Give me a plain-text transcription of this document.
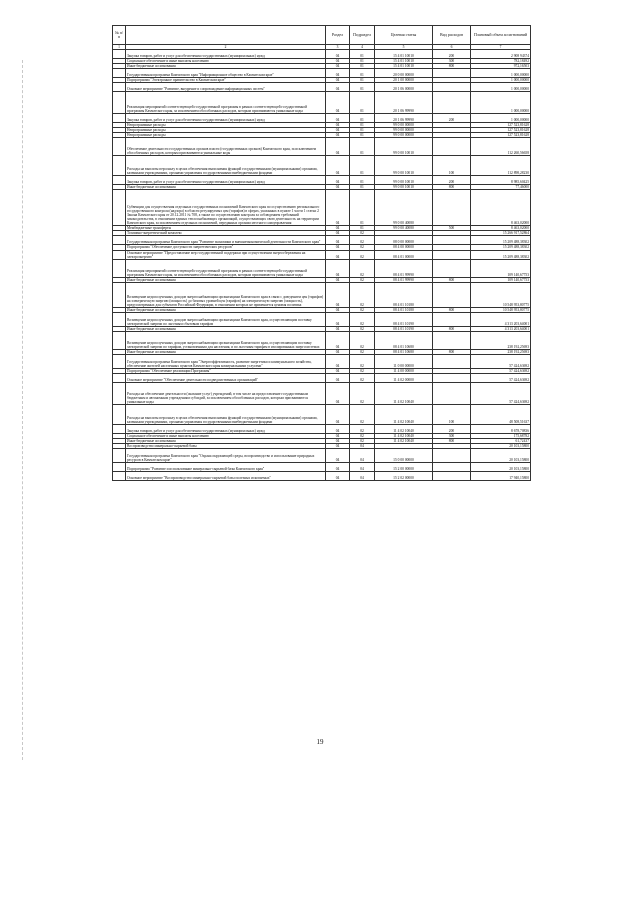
№ п/п		Раздел	Подраздел	Целевая статья	Вид расходов	Плановый объем ассигнований
1	2	3	4	5	6	7
	Закупка товаров, работ и услуг для обеспечения государственных (муниципальных) нужд	04	01	15 4 01 10010	200	2 908 94374
	Социальное обеспечение и иные выплаты населению	04	01	15 4 01 10010	300	782,18492
	Иные бюджетные ассигнования	04	01	15 4 01 10010	800	972,16503
	Государственная программа Камчатского края "Информационное общество в Камчатском крае"	04	01	20 0 00 00000		1 000,00000
	Подпрограмма "Электронное правительство в Камчатском крае"	04	01	20 1 00 00000		1 000,00000
	Основное мероприятие "Развитие, внедрение и сопровождение информационных систем"	04	01	20 1 06 00000		1 000,00000
	Реализация мероприятий соответствующей государственной программы в рамках соответствующей государственной программы Камчатского края, за исключением обособленных расходов, которым присваиваются уникальные коды	04	01	20 1 06 99990		1 000,00000
	Закупка товаров, работ и услуг для обеспечения государственных (муниципальных) нужд	04	01	20 1 06 99990	200	1 000,00000
	Непрограммные расходы	04	01	99 0 00 00000		127 523,81628
	Непрограммные расходы	04	01	99 0 00 00000		127 523,81628
	Непрограммные расходы	04	01	99 0 00 00000		127 523,81628
	Обеспечение деятельности государственных органов власти (государственных органов) Камчатского края, за исключением обособленных расходов, которым присваиваются уникальные коды	04	01	99 0 00 10010		112 260,56658
	Расходы на выплаты персоналу в целях обеспечения выполнения функций государственными (муниципальными) органами, казенными учреждениями, органами управления государственными внебюджетными фондами	04	01	99 0 00 10010	100	112 898,28230
	Закупка товаров, работ и услуг для обеспечения государственных (муниципальных) нужд	04	01	99 0 00 10010	200	8 985,60425
	Иные бюджетные ассигнования	04	01	99 0 00 10010	800	77,46000
	Субвенции для осуществления отдельных государственных полномочий Камчатского края по осуществлению регионального государственного контроля (надзора) в области регулируемых цен (тарифов) в сферах, указанных в пункте 1 части 1 статьи 2 Закона Камчатского края от 20.12.2011 № 708, а также по осуществлению контроля за соблюдением требований законодательства, в отношении единых теплоснабжающих организаций, осуществляющих свою деятельность на территории Камчатского края, за исключением отдельных полномочий, переданных органам местного самоуправления	04	01	99 0 00 40080		8 463,02000
	Межбюджетные трансферты	04	01	99 0 00 40080	500	8 463,02000
	Топливно-энергетический комплекс	04	02			15 266 917,52864
	Государственная программа Камчатского края "Развитие экономики и внешнеэкономической деятельности Камчатского края"	04	02	08 0 00 00000		15 209 488,38302
	Подпрограмма "Обеспечение доступности энергетических ресурсов"	04	02	08 4 00 00000		15 209 488,38302
	Основное мероприятие "Предоставление мер государственной поддержки при осуществлении энергосбережения на электроэнергию"	04	02	08 4 01 00000		15 209 488,38302
	Реализация мероприятий соответствующей государственной программы в рамках соответствующей государственной программы Камчатского края, за исключением обособленных расходов, которым присваиваются уникальные коды	04	02	08 4 01 99990		109 140,67753
	Иные бюджетные ассигнования	04	02	08 4 01 99990	800	109 140,67753
	Возмещение недополученных доходов энергоснабжающим организациям Камчатского края в связи с доведением цен (тарифов) на электрическую энергию (мощность) до базовых уровней цен (тарифов) на электрическую энергию (мощность), предусмотренных для субъектов Российской Федерации, в отношении которых не применяется ценовая политика	04	02	08 4 01 10180		10 548 953,80775
	Иные бюджетные ассигнования	04	02	08 4 01 10180	800	10 548 953,80775
	Возмещение недополученных доходов энергоснабжающим организациям Камчатского края, осуществляющим поставку электрической энергии по льготным сбытовым тарифам	04	02	08 4 01 10190		4 313 203,64001
	Иные бюджетные ассигнования	04	02	08 4 01 10190	800	4 313 203,64001
	Возмещение недополученных доходов энергоснабжающим организациям Камчатского края, осуществляющим поставку электрической энергии по тарифам, установленным для населения, и по льготным тарифам в изолированных энергосистемах	04	02	08 4 01 10680		238 192,25693
	Иные бюджетные ассигнования	04	02	08 4 01 10680	800	238 192,25693
	Государственная программа Камчатского края "Энергоэффективность, развитие энергетики и коммунального хозяйства, обеспечение жителей населенных пунктов Камчатского края коммунальными услугами"	04	02	11 0 00 00000		57 424,63692
	Подпрограмма "Обеспечение реализации Программы"	04	02	11 4 00 00000		57 424,63692
	Основное мероприятие "Обеспечение деятельности подведомственных организаций"	04	02	11 4 02 00000		57 424,63692
	Расходы на обеспечение деятельности (оказание услуг) учреждений, в том числе на предоставление государственным бюджетным и автономным учреждениям субсидий, за исключением обособленных расходов, которым присваиваются уникальные коды	04	02	11 4 02 10040		57 424,63692
	Расходы на выплаты персоналу в целях обеспечения выполнения функций государственными (муниципальными) органами, казенными учреждениями, органами управления государственными внебюджетными фондами	04	02	11 4 02 10040	100	48 508,51637
	Закупка товаров, работ и услуг для обеспечения государственных (муниципальных) нужд	04	02	11 4 02 10040	200	8 678,70836
	Социальное обеспечение и иные выплаты населению	04	02	11 4 02 10040	300	175,68782
	Иные бюджетные ассигнования	04	02	11 4 02 10040	800	61,72437
	Воспроизводство минерально-сырьевой базы	04	04			20 103,15800
	Государственная программа Камчатского края "Охрана окружающей среды, воспроизводство и использование природных ресурсов в Камчатском крае"	04	04	15 0 00 00000		20 103,15800
	Подпрограмма "Развитие и использование минерально-сырьевой базы Камчатского края"	04	04	15 2 00 00000		20 103,15800
	Основное мероприятие "Воспроизводство минерально-сырьевой базы полезных ископаемых"	04	04	15 2 02 00000		17 940,15800
19
